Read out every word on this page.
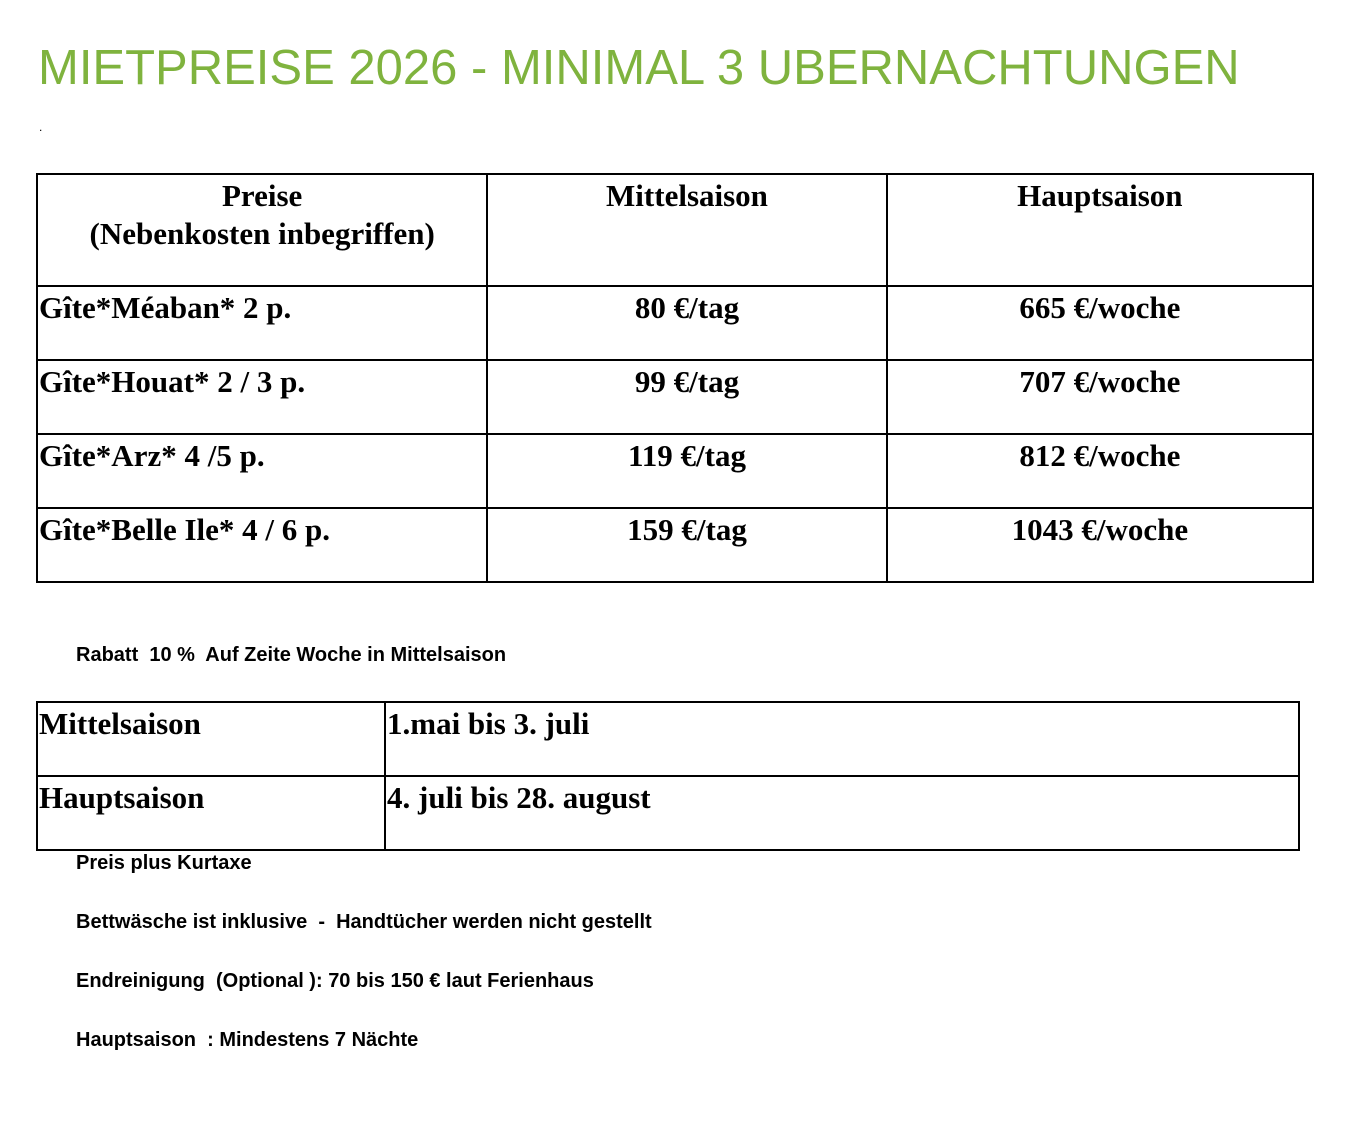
MIETPREISE 2026 - MINIMAL 3 UBERNACHTUNGEN
.
Preise
(Nebenkosten inbegriffen)	Mittelsaison	Hauptsaison
Gîte*Méaban* 2 p.	80 €/tag	665 €/woche
Gîte*Houat* 2 / 3 p.	99 €/tag	707 €/woche
Gîte*Arz* 4 /5 p.	119 €/tag	812 €/woche
Gîte*Belle Ile* 4 / 6 p.	159 €/tag	1043 €/woche
Rabatt  10 %  Auf Zeite Woche in Mittelsaison
Mittelsaison	1.mai bis 3. juli
Hauptsaison	4. juli bis 28. august
Preis plus Kurtaxe
Bettwäsche ist inklusive  -  Handtücher werden nicht gestellt
Endreinigung  (Optional ): 70 bis 150 € laut Ferienhaus
Hauptsaison  : Mindestens 7 Nächte
